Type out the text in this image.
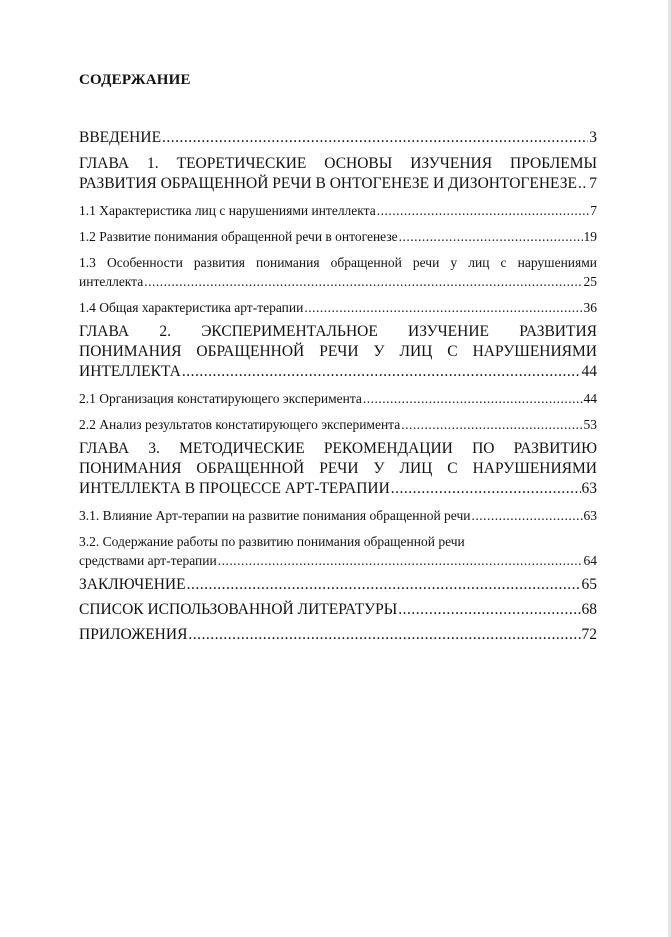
СОДЕРЖАНИЕ
ВВЕДЕНИЕ .....	3
ГЛАВА 1. ТЕОРЕТИЧЕСКИЕ ОСНОВЫ ИЗУЧЕНИЯ ПРОБЛЕМЫ
РАЗВИТИЯ ОБРАЩЕННОЙ РЕЧИ В ОНТОГЕНЕЗЕ И ДИЗОНТОГЕНЕЗЕ ..... 7
1.1 Характеристика лиц с нарушениями интеллекта .....	7
1.2 Развитие понимания обращенной речи в онтогенезе .....	19
1.3 Особенности развития понимания обращенной речи у лиц с нарушениями
интеллекта .....	25
1.4 Общая характеристика арт-терапии .....	36
ГЛАВА 2. ЭКСПЕРИМЕНТАЛЬНОЕ ИЗУЧЕНИЕ РАЗВИТИЯ
ПОНИМАНИЯ ОБРАЩЕННОЙ РЕЧИ У ЛИЦ С НАРУШЕНИЯМИ
ИНТЕЛЛЕКТА .....	44
2.1 Организация констатирующего эксперимента .....	44
2.2 Анализ результатов констатирующего эксперимента .....	53
ГЛАВА 3. МЕТОДИЧЕСКИЕ РЕКОМЕНДАЦИИ ПО РАЗВИТИЮ
ПОНИМАНИЯ ОБРАЩЕННОЙ РЕЧИ У ЛИЦ С НАРУШЕНИЯМИ
ИНТЕЛЛЕКТА В ПРОЦЕССЕ АРТ-ТЕРАПИИ .....	63
3.1. Влияние Арт-терапии на развитие понимания обращенной речи .....	63
3.2. Содержание работы по развитию понимания обращенной речи
средствами арт-терапии .....	64
ЗАКЛЮЧЕНИЕ .....	65
СПИСОК ИСПОЛЬЗОВАННОЙ ЛИТЕРАТУРЫ .....	68
ПРИЛОЖЕНИЯ .....	72
